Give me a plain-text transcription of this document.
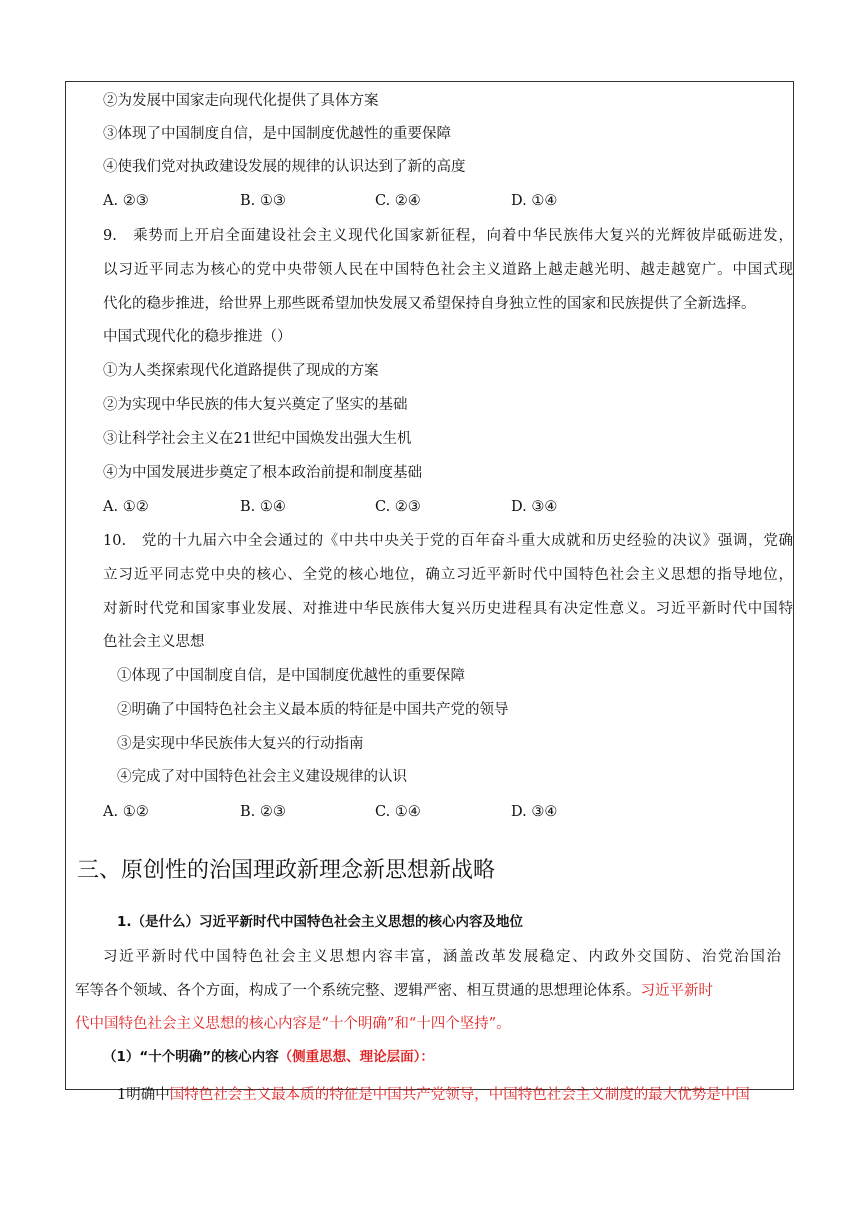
②为发展中国家走向现代化提供了具体方案
③体现了中国制度自信，是中国制度优越性的重要保障
④使我们党对执政建设发展的规律的认识达到了新的高度
A. ②③	B. ①③	C. ②④	D. ①④
9.　乘势而上开启全面建设社会主义现代化国家新征程，向着中华民族伟大复兴的光辉彼岸砥砺进发，
以习近平同志为核心的党中央带领人民在中国特色社会主义道路上越走越光明、越走越宽广。中国式现
代化的稳步推进，给世界上那些既希望加快发展又希望保持自身独立性的国家和民族提供了全新选择。
中国式现代化的稳步推进（）
①为人类探索现代化道路提供了现成的方案
②为实现中华民族的伟大复兴奠定了坚实的基础
③让科学社会主义在21世纪中国焕发出强大生机
④为中国发展进步奠定了根本政治前提和制度基础
A. ①②	B. ①④	C. ②③	D. ③④
10.　党的十九届六中全会通过的《中共中央关于党的百年奋斗重大成就和历史经验的决议》强调，党确
立习近平同志党中央的核心、全党的核心地位，确立习近平新时代中国特色社会主义思想的指导地位，
对新时代党和国家事业发展、对推进中华民族伟大复兴历史进程具有决定性意义。习近平新时代中国特
色社会主义思想
①体现了中国制度自信，是中国制度优越性的重要保障
②明确了中国特色社会主义最本质的特征是中国共产党的领导
③是实现中华民族伟大复兴的行动指南
④完成了对中国特色社会主义建设规律的认识
A. ①②	B. ②③	C. ①④	D. ③④
三、原创性的治国理政新理念新思想新战略
1.（是什么）习近平新时代中国特色社会主义思想的核心内容及地位
习近平新时代中国特色社会主义思想内容丰富，涵盖改革发展稳定、内政外交国防、治党治国治
军等各个领域、各个方面，构成了一个系统完整、逻辑严密、相互贯通的思想理论体系。习近平新时
代中国特色社会主义思想的核心内容是“十个明确”和“十四个坚持”。
（1）“十个明确”的核心内容（侧重思想、理论层面）：
1明确中国特色社会主义最本质的特征是中国共产党领导，中国特色社会主义制度的最大优势是中国
